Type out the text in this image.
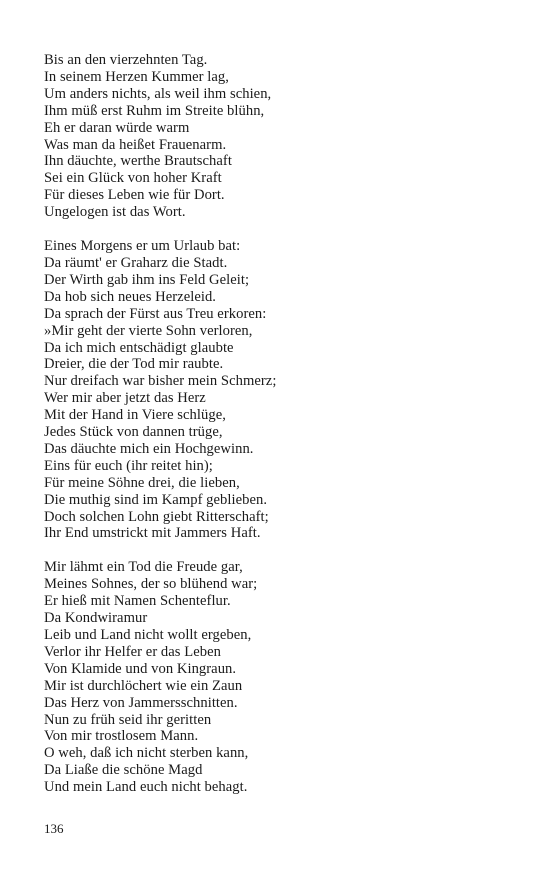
Bis an den vierzehnten Tag.
In seinem Herzen Kummer lag,
Um anders nichts, als weil ihm schien,
Ihm müß erst Ruhm im Streite blühn,
Eh er daran würde warm
Was man da heißet Frauenarm.
Ihn däuchte, werthe Brautschaft
Sei ein Glück von hoher Kraft
Für dieses Leben wie für Dort.
Ungelogen ist das Wort.
Eines Morgens er um Urlaub bat:
Da räumt' er Graharz die Stadt.
Der Wirth gab ihm ins Feld Geleit;
Da hob sich neues Herzeleid.
Da sprach der Fürst aus Treu erkoren:
»Mir geht der vierte Sohn verloren,
Da ich mich entschädigt glaubte
Dreier, die der Tod mir raubte.
Nur dreifach war bisher mein Schmerz;
Wer mir aber jetzt das Herz
Mit der Hand in Viere schlüge,
Jedes Stück von dannen trüge,
Das däuchte mich ein Hochgewinn.
Eins für euch (ihr reitet hin);
Für meine Söhne drei, die lieben,
Die muthig sind im Kampf geblieben.
Doch solchen Lohn giebt Ritterschaft;
Ihr End umstrickt mit Jammers Haft.
Mir lähmt ein Tod die Freude gar,
Meines Sohnes, der so blühend war;
Er hieß mit Namen Schenteflur.
Da Kondwiramur
Leib und Land nicht wollt ergeben,
Verlor ihr Helfer er das Leben
Von Klamide und von Kingraun.
Mir ist durchlöchert wie ein Zaun
Das Herz von Jammersschnitten.
Nun zu früh seid ihr geritten
Von mir trostlosem Mann.
O weh, daß ich nicht sterben kann,
Da Liaße die schöne Magd
Und mein Land euch nicht behagt.
136
